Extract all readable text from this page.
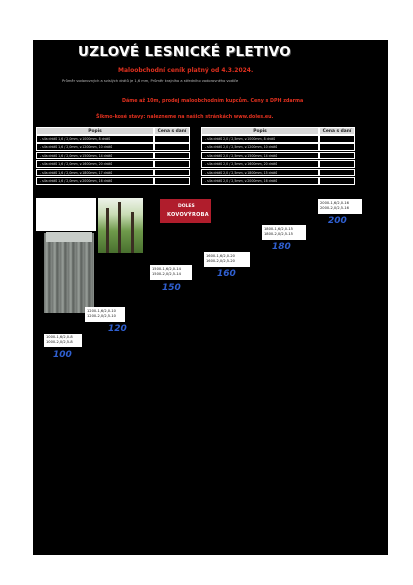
UZLOVÉ LESNICKÉ PLETIVO
Maloobchodní ceník platný od 4.3.2024.
Průměr vodorovných a svislých drátů je 1,6 mm, Průměr krajního a středního vodorovného vodiče
Dáme až 10m, prodej maloobchodním kupcům. Ceny s DPH zdarma
Šikmo-kosé stavy: nalezneme na našich stránkách www.doles.eu.
Popis	Cena s daní	Popis	Cena s daní
- síla drátů 1,6 / 2,0mm, v.1000mm, 8 drátů
- síla drátů 1,6 / 2,0mm, v.1200mm, 10 drátů
- síla drátů 1,6 / 2,0mm, v.1500mm, 14 drátů
- síla drátů 1,6 / 2,0mm, v.1600mm, 20 drátů
- síla drátů 1,6 / 2,0mm, v.1800mm, 17 drátů
- síla drátů 1,6 / 2,0mm, v.2000mm, 16 drátů
- síla drátů 2,0 / 2,5mm, v.1000mm, 8 drátů
- síla drátů 2,0 / 2,5mm, v.1200mm, 10 drátů
- síla drátů 2,0 / 2,5mm, v.1500mm, 14 drátů
- síla drátů 2,0 / 2,5mm, v.1600mm, 20 drátů
- síla drátů 2,0 / 2,5mm, v.1800mm, 15 drátů
- síla drátů 2,0 / 2,5mm, v.2000mm, 16 drátů
DOLES
KOVOVÝROBA
1000-1,6/2,0-8
1000-2,0/2,5-8
100
1200-1,6/2,0-10
1200-2,0/2,5-10
120
1500-1,6/2,0-14
1500-2,0/2,5-14
150
1600-1,6/2,0-20
1600-2,0/2,5-20
160
1800-1,6/2,0-15
1800-2,0/2,5-15
180
2000-1,6/2,0-16
2000-2,0/2,5-16
200
